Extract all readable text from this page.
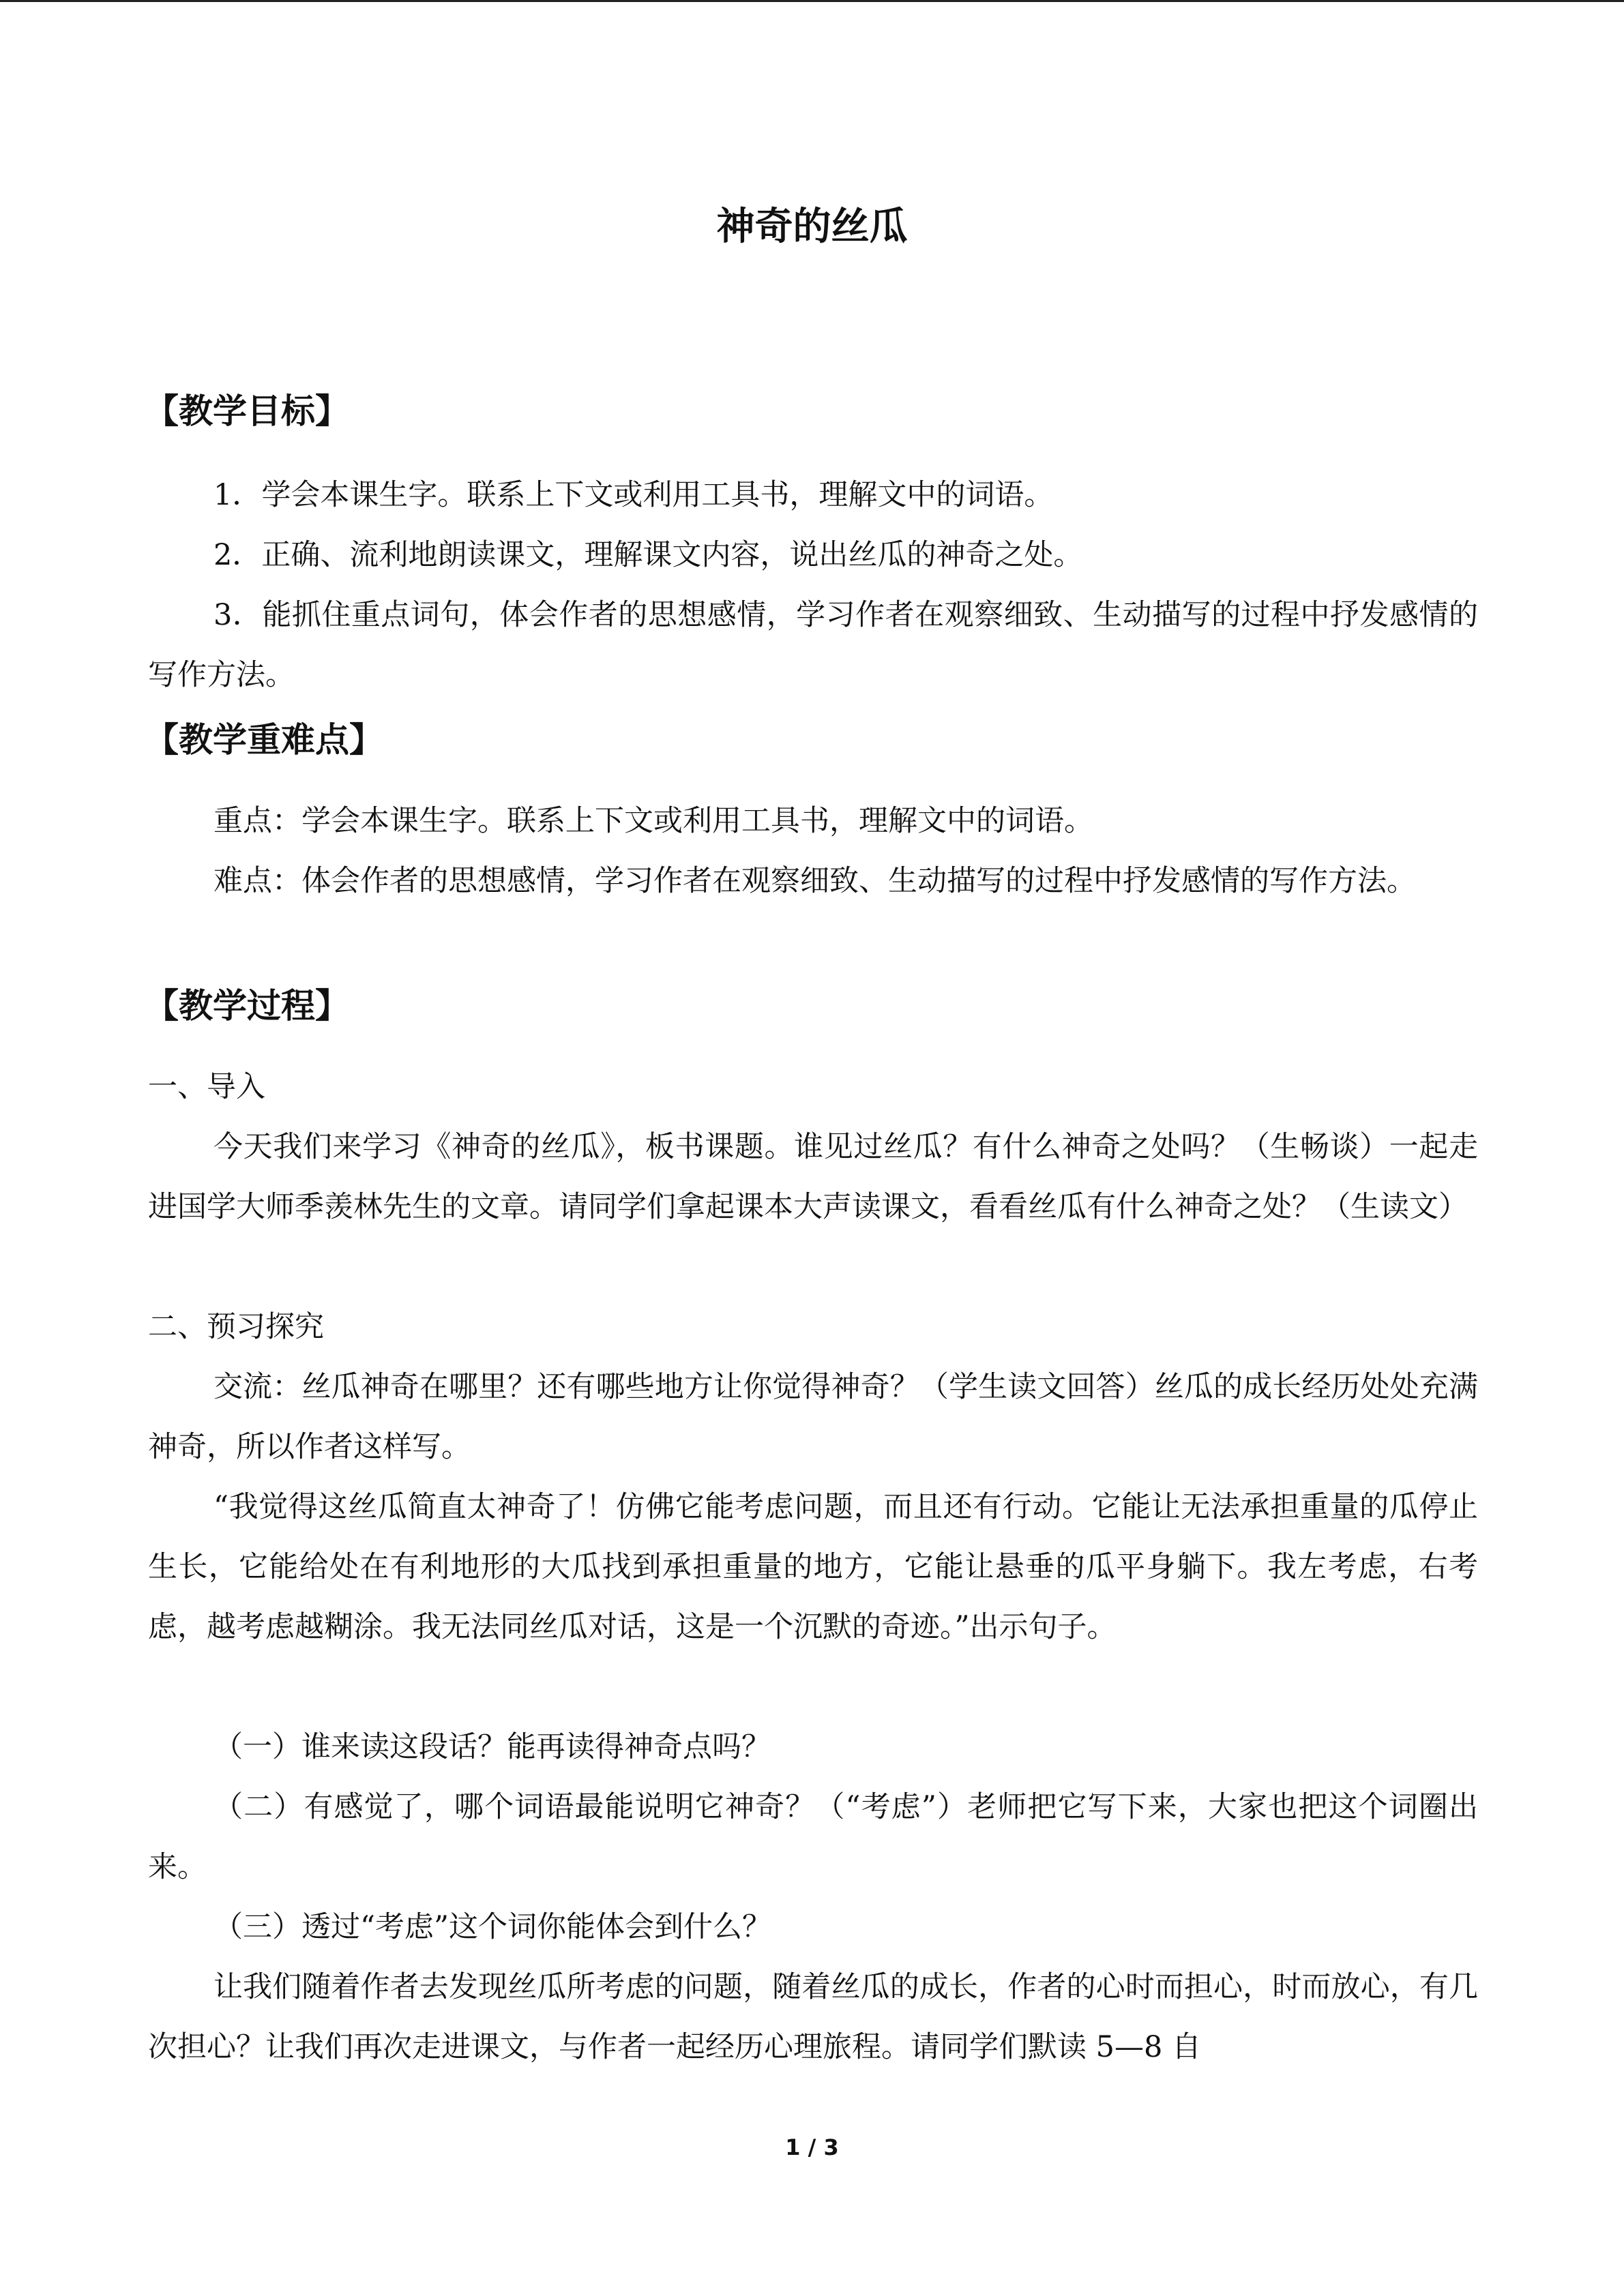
神奇的丝瓜
【教学目标】

1．学会本课生字。联系上下文或利用工具书，理解文中的词语。

2．正确、流利地朗读课文，理解课文内容，说出丝瓜的神奇之处。

3．能抓住重点词句，体会作者的思想感情，学习作者在观察细致、生动描写的过程中抒发感情的写作方法。

【教学重难点】

重点：学会本课生字。联系上下文或利用工具书，理解文中的词语。

难点：体会作者的思想感情，学习作者在观察细致、生动描写的过程中抒发感情的写作方法。

【教学过程】

一、导入

今天我们来学习《神奇的丝瓜》，板书课题。谁见过丝瓜？有什么神奇之处吗？（生畅谈）一起走进国学大师季羡林先生的文章。请同学们拿起课本大声读课文，看看丝瓜有什么神奇之处？（生读文）

二、预习探究

交流：丝瓜神奇在哪里？还有哪些地方让你觉得神奇？（学生读文回答）丝瓜的成长经历处处充满神奇，所以作者这样写。

“我觉得这丝瓜简直太神奇了！仿佛它能考虑问题，而且还有行动。它能让无法承担重量的瓜停止生长，它能给处在有利地形的大瓜找到承担重量的地方，它能让悬垂的瓜平身躺下。我左考虑，右考虑，越考虑越糊涂。我无法同丝瓜对话，这是一个沉默的奇迹。”出示句子。

（一）谁来读这段话？能再读得神奇点吗？

（二）有感觉了，哪个词语最能说明它神奇？（“考虑”）老师把它写下来，大家也把这个词圈出来。

（三）透过“考虑”这个词你能体会到什么？

让我们随着作者去发现丝瓜所考虑的问题，随着丝瓜的成长，作者的心时而担心，时而放心，有几次担心？让我们再次走进课文，与作者一起经历心理旅程。请同学们默读 5—8 自

1 / 3
